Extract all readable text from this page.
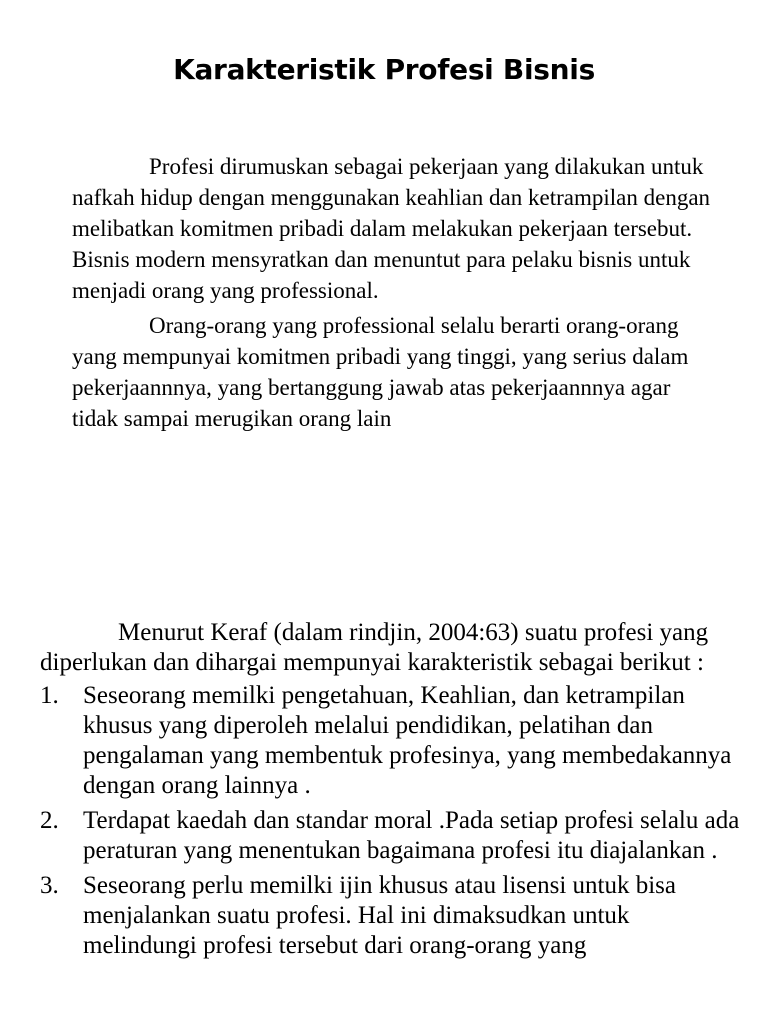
Karakteristik Profesi Bisnis

Profesi dirumuskan sebagai pekerjaan yang dilakukan untuk nafkah hidup dengan menggunakan keahlian dan ketrampilan dengan melibatkan komitmen pribadi dalam melakukan pekerjaan tersebut. Bisnis modern mensyratkan dan menuntut para pelaku bisnis untuk menjadi orang yang professional.

Orang-orang yang professional selalu berarti orang-orang yang mempunyai komitmen pribadi yang tinggi, yang serius dalam pekerjaannnya, yang bertanggung jawab atas pekerjaannnya agar tidak sampai merugikan orang lain

Menurut Keraf (dalam rindjin, 2004:63) suatu profesi yang diperlukan dan dihargai mempunyai karakteristik sebagai berikut :

1. Seseorang memilki pengetahuan, Keahlian, dan ketrampilan khusus yang diperoleh melalui pendidikan, pelatihan dan pengalaman yang membentuk profesinya, yang membedakannya dengan orang lainnya .
2. Terdapat kaedah dan standar moral .Pada setiap profesi selalu ada peraturan yang menentukan bagaimana profesi itu diajalankan .
3. Seseorang perlu memilki ijin khusus atau lisensi untuk bisa menjalankan suatu profesi. Hal ini dimaksudkan untuk melindungi profesi tersebut dari orang-orang yang
